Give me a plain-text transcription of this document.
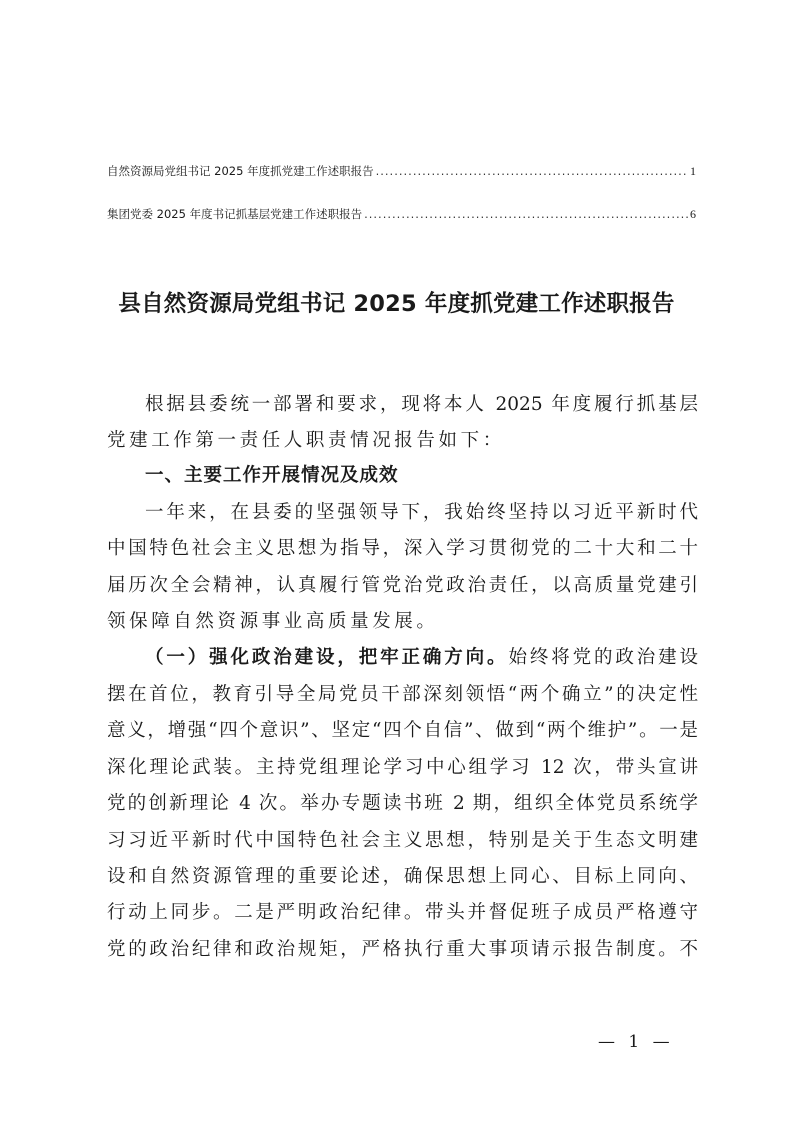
自然资源局党组书记 2025 年度抓党建工作述职报告 .....	1
集团党委 2025 年度书记抓基层党建工作述职报告 .....	6
县自然资源局党组书记 2025 年度抓党建工作述职报告
根据县委统一部署和要求，现将本人 2025 年度履行抓基层
党建工作第一责任人职责情况报告如下：
一、主要工作开展情况及成效
一年来，在县委的坚强领导下，我始终坚持以习近平新时代
中国特色社会主义思想为指导，深入学习贯彻党的二十大和二十
届历次全会精神，认真履行管党治党政治责任，以高质量党建引
领保障自然资源事业高质量发展。
（一）强化政治建设，把牢正确方向。始终将党的政治建设
摆在首位，教育引导全局党员干部深刻领悟“两个确立”的决定性
意义，增强“四个意识”、坚定“四个自信”、做到“两个维护”。一是
深化理论武装。主持党组理论学习中心组学习 12 次，带头宣讲
党的创新理论 4 次。举办专题读书班 2 期，组织全体党员系统学
习习近平新时代中国特色社会主义思想，特别是关于生态文明建
设和自然资源管理的重要论述，确保思想上同心、目标上同向、
行动上同步。二是严明政治纪律。带头并督促班子成员严格遵守
党的政治纪律和政治规矩，严格执行重大事项请示报告制度。不
— 1 —
